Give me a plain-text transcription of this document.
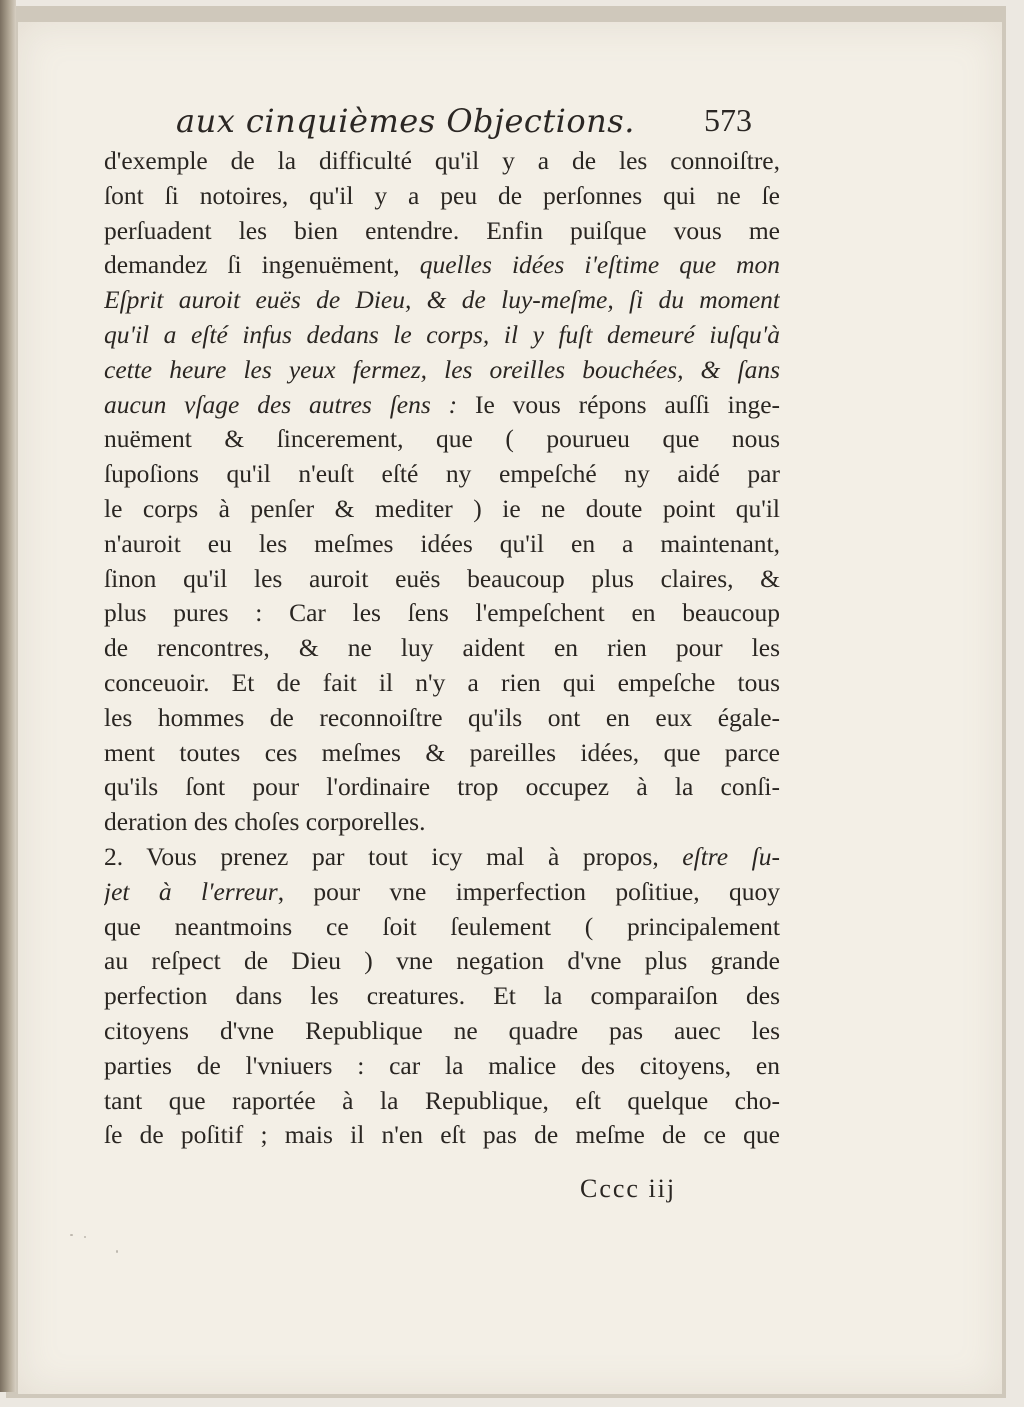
aux cinquièmes Objections. 573
d'exemple de la difficulté qu'il y a de les connoiſtre,
ſont ſi notoires, qu'il y a peu de perſonnes qui ne ſe
perſuadent les bien entendre. Enfin puiſque vous me
demandez ſi ingenuëment, quelles idées i'eſtime que mon
Eſprit auroit euës de Dieu, & de luy-meſme, ſi du moment
qu'il a eſté infus dedans le corps, il y fuſt demeuré iuſqu'à
cette heure les yeux fermez, les oreilles bouchées, & ſans
aucun vſage des autres ſens : Ie vous répons auſſi inge-
nuëment & ſincerement, que ( pourueu que nous
ſupoſions qu'il n'euſt eſté ny empeſché ny aidé par
le corps à penſer & mediter ) ie ne doute point qu'il
n'auroit eu les meſmes idées qu'il en a maintenant,
ſinon qu'il les auroit euës beaucoup plus claires, &
plus pures : Car les ſens l'empeſchent en beaucoup
de rencontres, & ne luy aident en rien pour les
conceuoir. Et de fait il n'y a rien qui empeſche tous
les hommes de reconnoiſtre qu'ils ont en eux égale-
ment toutes ces meſmes & pareilles idées, que parce
qu'ils ſont pour l'ordinaire trop occupez à la conſi-
deration des choſes corporelles.
2. Vous prenez par tout icy mal à propos, eſtre ſu-
jet à l'erreur, pour vne imperfection poſitiue, quoy
que neantmoins ce ſoit ſeulement ( principalement
au reſpect de Dieu ) vne negation d'vne plus grande
perfection dans les creatures. Et la comparaiſon des
citoyens d'vne Republique ne quadre pas auec les
parties de l'vniuers : car la malice des citoyens, en
tant que raportée à la Republique, eſt quelque cho-
ſe de poſitif ; mais il n'en eſt pas de meſme de ce que
Cccc iij
